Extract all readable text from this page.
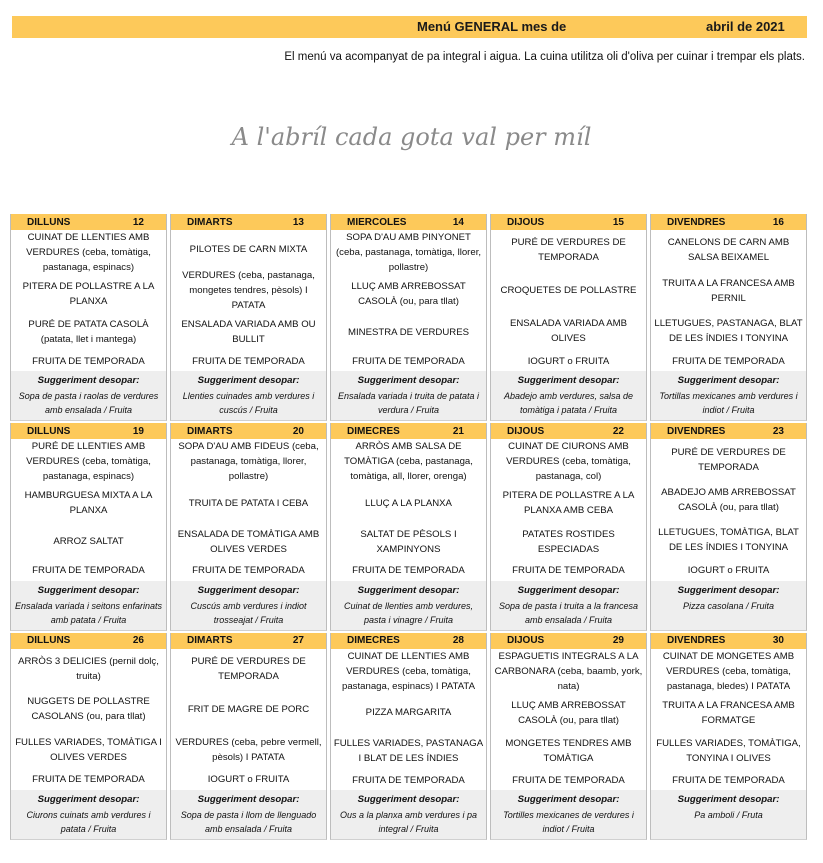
Menú GENERAL mes de	abril de 2021
El menú va acompanyat de pa integral i aigua. La cuina utilitza oli d'oliva per cuinar i trempar els plats.
A l'abríl cada gota val per míl
DILLUNS	12
CUINAT DE LLENTIES AMB VERDURES (ceba, tomàtiga, pastanaga, espinacs)
PITERA DE POLLASTRE A LA PLANXA
PURÉ DE PATATA CASOLÀ (patata, llet i mantega)
FRUITA DE TEMPORADA
Suggeriment desopar:
Sopa de pasta i raolas de verdures amb ensalada / Fruita
DIMARTS	13
PILOTES DE CARN MIXTA
VERDURES (ceba, pastanaga, mongetes tendres, pèsols) I PATATA
ENSALADA VARIADA AMB OU BULLIT
FRUITA DE TEMPORADA
Suggeriment desopar:
Llenties cuinades amb verdures i cuscús / Fruita
MIERCOLES	14
SOPA D'AU AMB PINYONET (ceba, pastanaga, tomàtiga, llorer, pollastre)
LLUÇ AMB ARREBOSSAT CASOLÀ (ou, para tllat)
MINESTRA DE VERDURES
FRUITA DE TEMPORADA
Suggeriment desopar:
Ensalada variada i truita de patata i verdura / Fruita
DIJOUS	15
PURÉ DE VERDURES DE TEMPORADA
CROQUETES DE POLLASTRE
ENSALADA VARIADA AMB OLIVES
IOGURT o FRUITA
Suggeriment desopar:
Abadejo amb verdures, salsa de tomàtiga i patata / Fruita
DIVENDRES	16
CANELONS DE CARN AMB SALSA BEIXAMEL
TRUITA A LA FRANCESA AMB PERNIL
LLETUGUES, PASTANAGA, BLAT DE LES ÍNDIES I TONYINA
FRUITA DE TEMPORADA
Suggeriment desopar:
Tortillas mexicanes amb verdures i indiot / Fruita
DILLUNS	19
PURÉ DE LLENTIES AMB VERDURES (ceba, tomàtiga, pastanaga, espinacs)
HAMBURGUESA MIXTA A LA PLANXA
ARROZ SALTAT
FRUITA DE TEMPORADA
Suggeriment desopar:
Ensalada variada i seitons enfarinats amb patata / Fruita
DIMARTS	20
SOPA D'AU AMB FIDEUS (ceba, pastanaga, tomàtiga, llorer, pollastre)
TRUITA DE PATATA I CEBA
ENSALADA DE TOMÀTIGA AMB OLIVES VERDES
FRUITA DE TEMPORADA
Suggeriment desopar:
Cuscús amb verdures i indiot trosseajat / Fruita
DIMECRES	21
ARRÒS AMB SALSA DE TOMÀTIGA (ceba, pastanaga, tomàtiga, all, llorer, orenga)
LLUÇ A LA PLANXA
SALTAT DE PÈSOLS I XAMPINYONS
FRUITA DE TEMPORADA
Suggeriment desopar:
Cuinat de llenties amb verdures, pasta i vinagre / Fruita
DIJOUS	22
CUINAT DE CIURONS AMB VERDURES (ceba, tomàtiga, pastanaga, col)
PITERA DE POLLASTRE A LA PLANXA AMB CEBA
PATATES ROSTIDES ESPECIADAS
FRUITA DE TEMPORADA
Suggeriment desopar:
Sopa de pasta i truita a la francesa amb ensalada / Fruita
DIVENDRES	23
PURÉ DE VERDURES DE TEMPORADA
ABADEJO AMB ARREBOSSAT CASOLÀ (ou, para tllat)
LLETUGUES, TOMÀTIGA, BLAT DE LES ÍNDIES I TONYINA
IOGURT o FRUITA
Suggeriment desopar:
Pizza casolana / Fruita
DILLUNS	26
ARRÒS 3 DELICIES (pernil dolç, truita)
NUGGETS DE POLLASTRE CASOLANS (ou, para tllat)
FULLES VARIADES, TOMÀTIGA I OLIVES VERDES
FRUITA DE TEMPORADA
Suggeriment desopar:
Ciurons cuinats amb verdures i patata / Fruita
DIMARTS	27
PURÉ DE VERDURES DE TEMPORADA
FRIT DE MAGRE DE PORC
VERDURES (ceba, pebre vermell, pèsols) I PATATA
IOGURT o FRUITA
Suggeriment desopar:
Sopa de pasta i llom de llenguado amb ensalada / Fruita
DIMECRES	28
CUINAT DE LLENTIES AMB VERDURES (ceba, tomàtiga, pastanaga, espinacs) I PATATA
PIZZA MARGARITA
FULLES VARIADES, PASTANAGA I BLAT DE LES ÍNDIES
FRUITA DE TEMPORADA
Suggeriment desopar:
Ous a la planxa amb verdures i pa integral / Fruita
DIJOUS	29
ESPAGUETIS INTEGRALS A LA CARBONARA (ceba, baamb, york, nata)
LLUÇ AMB ARREBOSSAT CASOLÀ (ou, para tllat)
MONGETES TENDRES AMB TOMÀTIGA
FRUITA DE TEMPORADA
Suggeriment desopar:
Tortilles mexicanes de verdures i indiot / Fruita
DIVENDRES	30
CUINAT DE MONGETES AMB VERDURES (ceba, tomàtiga, pastanaga, bledes) I PATATA
TRUITA A LA FRANCESA AMB FORMATGE
FULLES VARIADES, TOMÀTIGA, TONYINA I OLIVES
FRUITA DE TEMPORADA
Suggeriment desopar:
Pa amboli / Fruta
